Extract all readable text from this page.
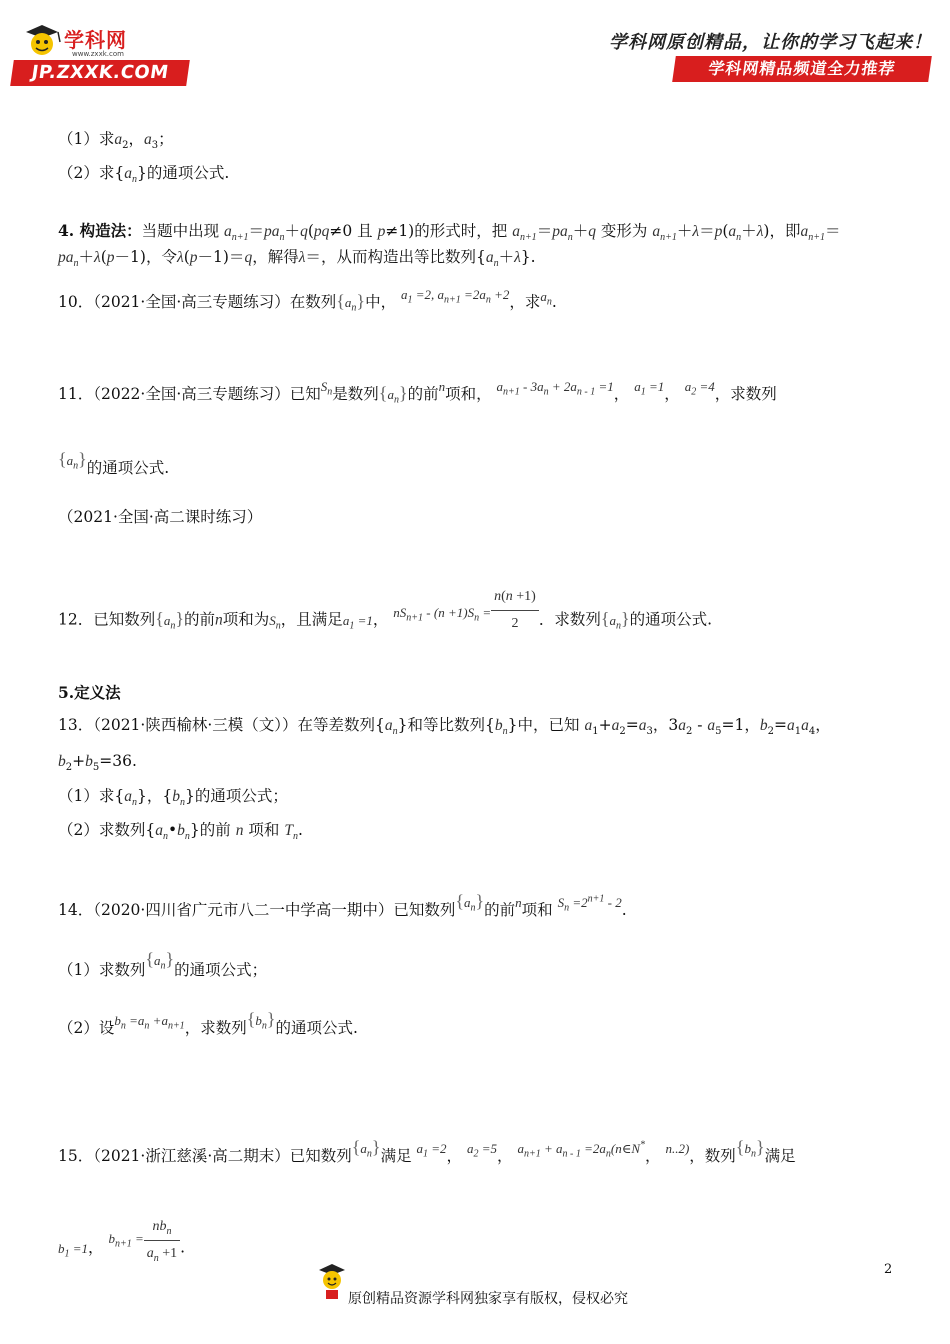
学科网
www.zxxk.com
JP.ZXXK.COM
学科网原创精品，让你的学习飞起来！
学科网精品频道全力推荐
（1）求$a_2$，$a_3$；
（2）求$\{a_n\}$的通项公式.
4. 构造法：当题中出现 $a_{n+1}=pa_n+q(pq\ne 0$ 且 p≠1)的形式时，把 $a_{n+1}=pa_n+q$ 变形为 $a_{n+1}+\lambda=p(a_n+\lambda)$，即$a_{n+1}=$
$pa_n+\lambda(p-1)$，令λ(p－1)＝q，解得λ＝，从而构造出等比数列$\{a_n+\lambda\}$.
10．（2021·全国·高三专题练习）在数列$\{a_n\}$中， $^{a_1 =2, a_{n+1} =2a_n +2}$，求$^{a_n}$.
11．（2022·全国·高三专题练习）已知$^{S_n}$是数列$\{a_n\}$的前$^n$项和， $^{a_{n+1} - 3a_n + 2a_{n - 1} =1}$， $^{a_1 =1}$， $^{a_2 =4}$，求数列
{$^{a_n}$}的通项公式.
（2021·全国·高二课时练习）
12．已知数列$\{a_n\}$的前n项和为$S_n$，且满足$a_1 =1$， $^{nS_{n+1} - (n +1)S_n =} \frac{n(n +1)}{2}$ ．求数列$\{a_n\}$的通项公式.
5.定义法
13．（2021·陕西榆林·三模（文））在等差数列$\{a_n\}$和等比数列$\{b_n\}$中，已知 $a_1+a_2=a_3$，$3a_2 - a_5=1$，$b_2=a_1a_4$，
$b_2+b_5=36$.
（1）求$\{a_n\}$，$\{b_n\}$的通项公式；
（2）求数列$\{a_n•b_n\}$的前 n 项和 $T_n$.
14．（2020·四川省广元市八二一中学高一期中）已知数列{$^{a_n}$}的前$^n$项和 $^{S_n =2^{n+1} - 2}$.
（1）求数列{$^{a_n}$}的通项公式；
（2）设$^{b_n =a_n +a_{n+1}}$，求数列{$^{b_n}$}的通项公式.
15．（2021·浙江慈溪·高二期末）已知数列{$^{a_n}$}满足 $^{a_1 =2}$， $^{a_2 =5}$， $^{a_{n+1} + a_{n - 1} =2a_n(n\in N^*}$， $^{n..2)}$，数列{$^{b_n}$}满足
$b_1 =1$， $^{b_{n+1} =} \frac{nb_n}{a_n +1}$ .
原创精品资源学科网独家享有版权，侵权必究
2
